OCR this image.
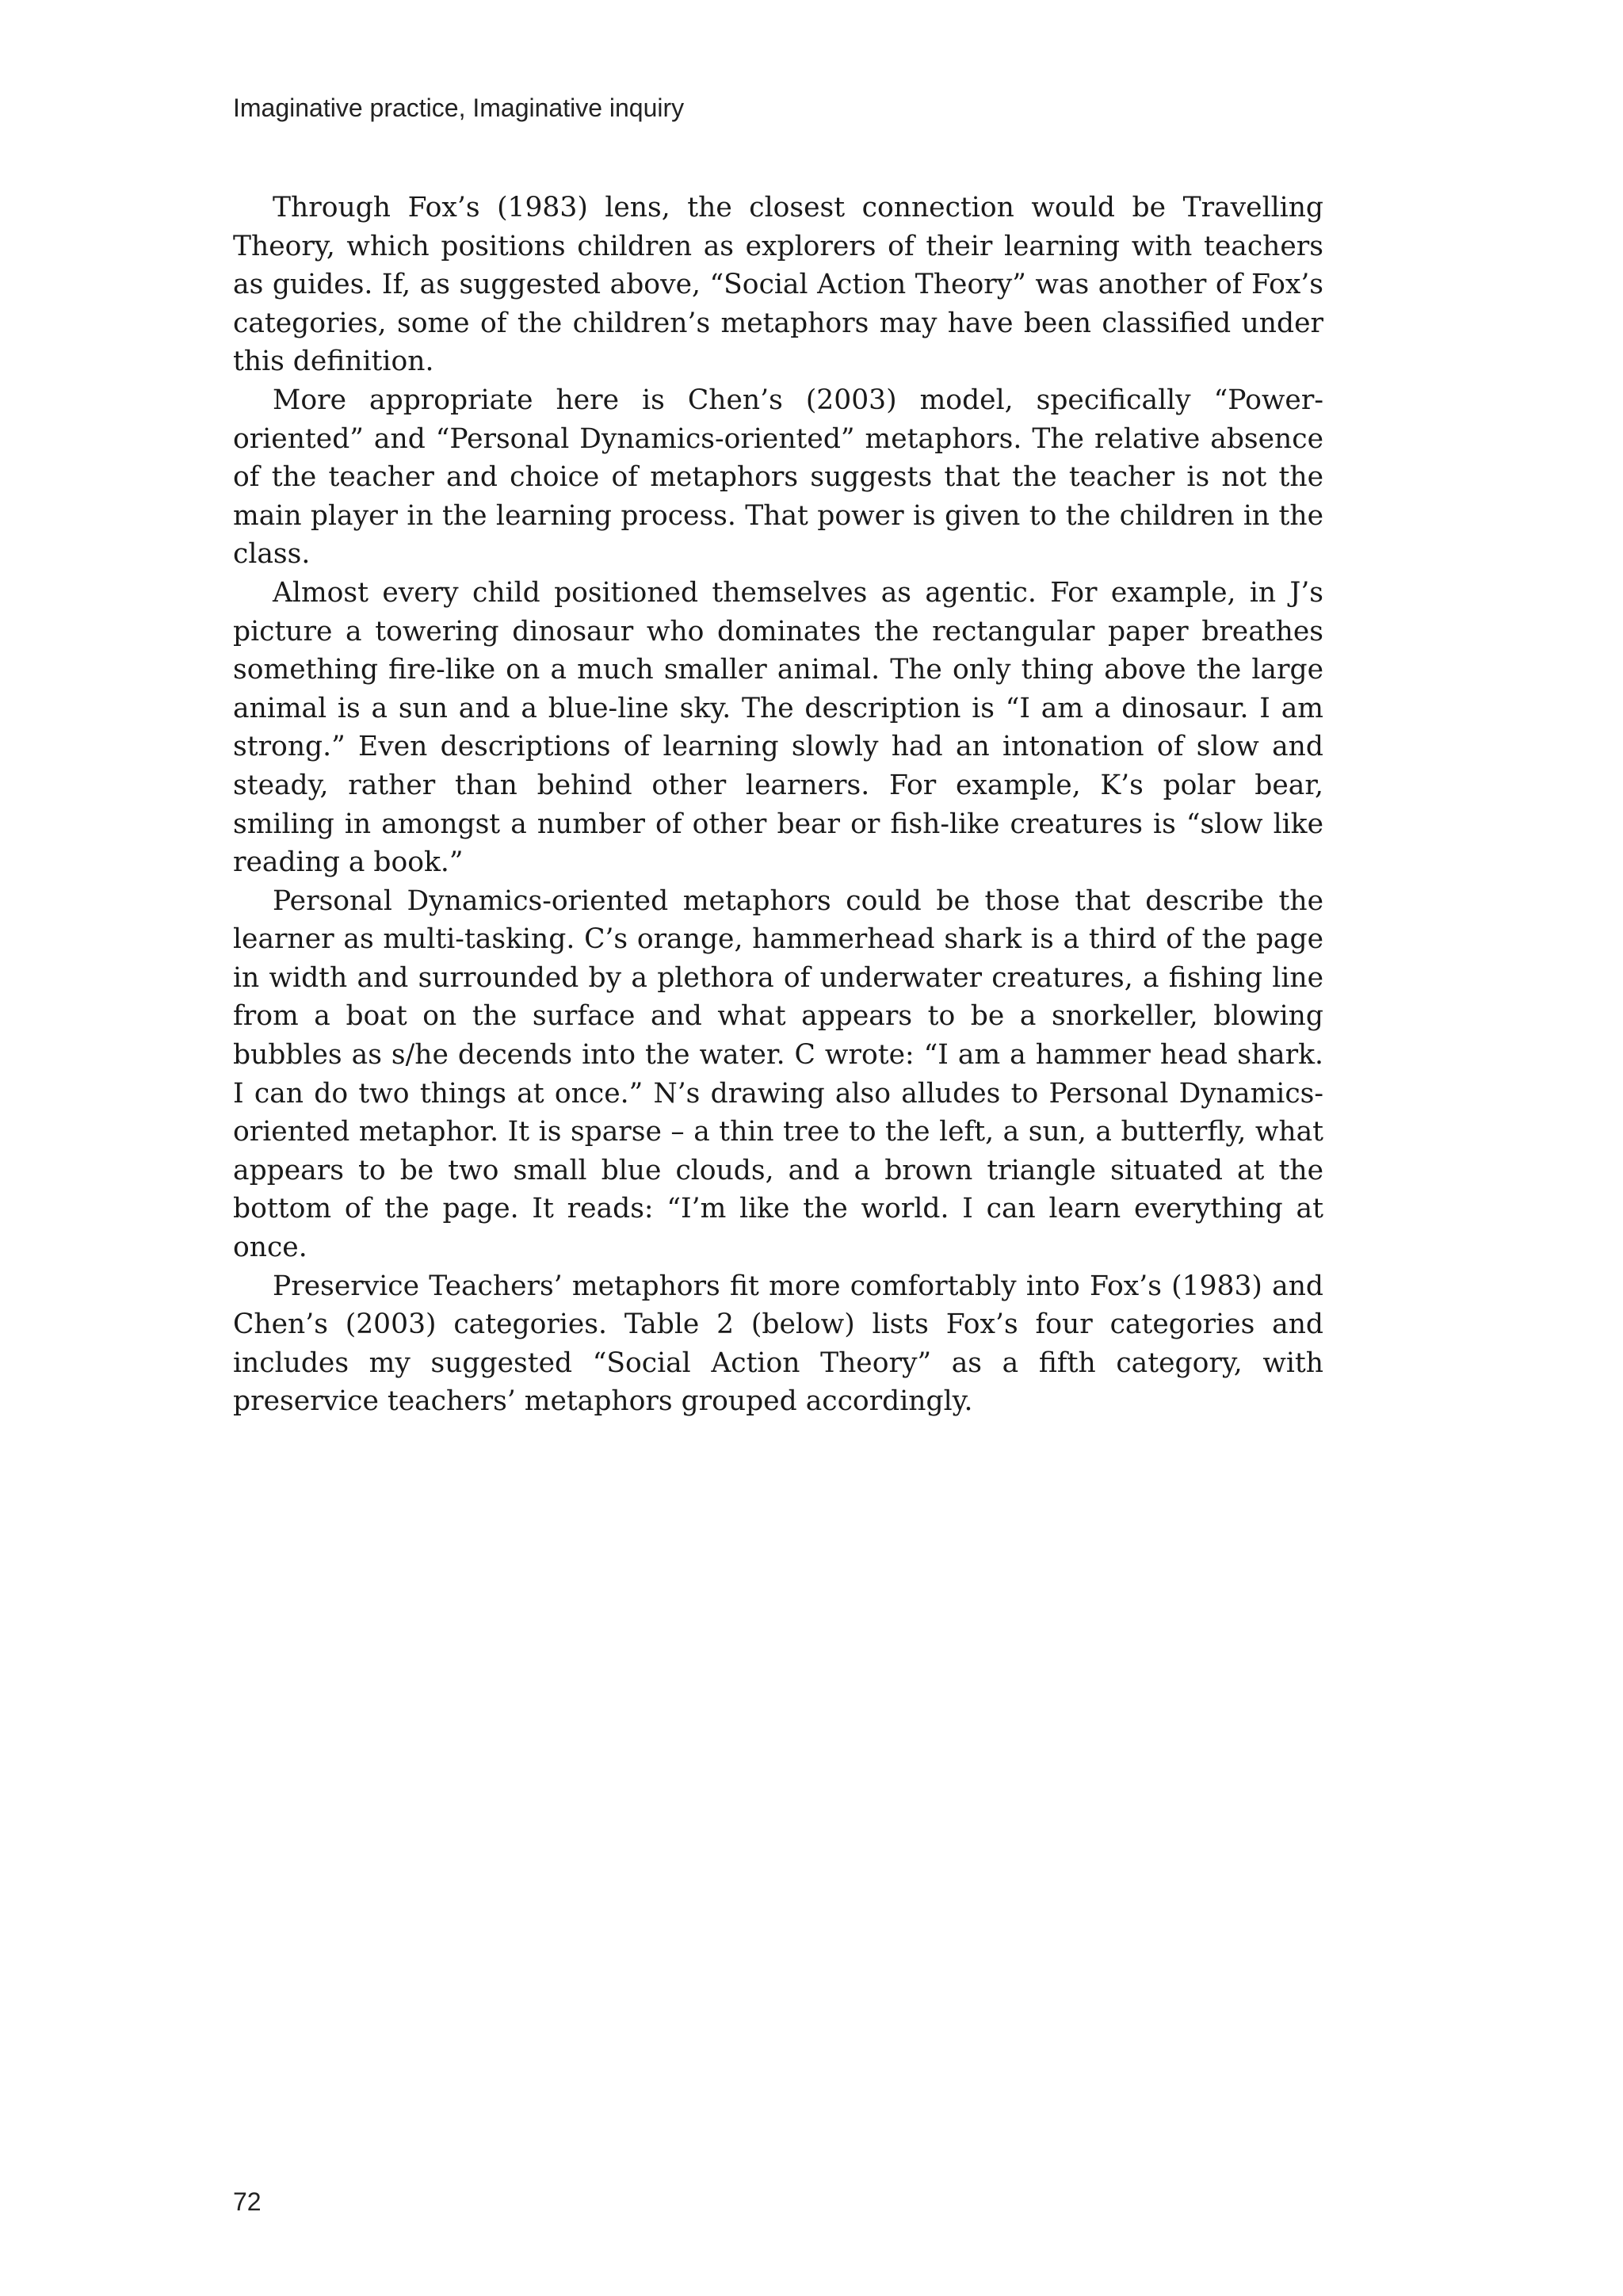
Imaginative practice, Imaginative inquiry

Through Fox’s (1983) lens, the closest connection would be Travelling Theory, which positions children as explorers of their learning with teachers as guides. If, as suggested above, “Social Action Theory” was another of Fox’s categories, some of the children’s metaphors may have been classified under this definition.

More appropriate here is Chen’s (2003) model, specifically “Power-oriented” and “Personal Dynamics-oriented” metaphors. The relative absence of the teacher and choice of metaphors suggests that the teacher is not the main player in the learning process. That power is given to the children in the class.

Almost every child positioned themselves as agentic. For example, in J’s picture a towering dinosaur who dominates the rectangular paper breathes something fire-like on a much smaller animal. The only thing above the large animal is a sun and a blue-line sky. The description is “I am a dinosaur. I am strong.” Even descriptions of learning slowly had an intonation of slow and steady, rather than behind other learners. For example, K’s polar bear, smiling in amongst a number of other bear or fish-like creatures is “slow like reading a book.”

Personal Dynamics-oriented metaphors could be those that describe the learner as multi-tasking. C’s orange, hammerhead shark is a third of the page in width and surrounded by a plethora of underwater creatures, a fishing line from a boat on the surface and what appears to be a snorkeller, blowing bubbles as s/he decends into the water. C wrote: “I am a hammer head shark. I can do two things at once.” N’s drawing also alludes to Personal Dynamics-oriented metaphor. It is sparse – a thin tree to the left, a sun, a butterfly, what appears to be two small blue clouds, and a brown triangle situated at the bottom of the page. It reads: “I’m like the world. I can learn everything at once.

Preservice Teachers’ metaphors fit more comfortably into Fox’s (1983) and Chen’s (2003) categories. Table 2 (below) lists Fox’s four categories and includes my suggested “Social Action Theory” as a fifth category, with preservice teachers’ metaphors grouped accordingly.

72
